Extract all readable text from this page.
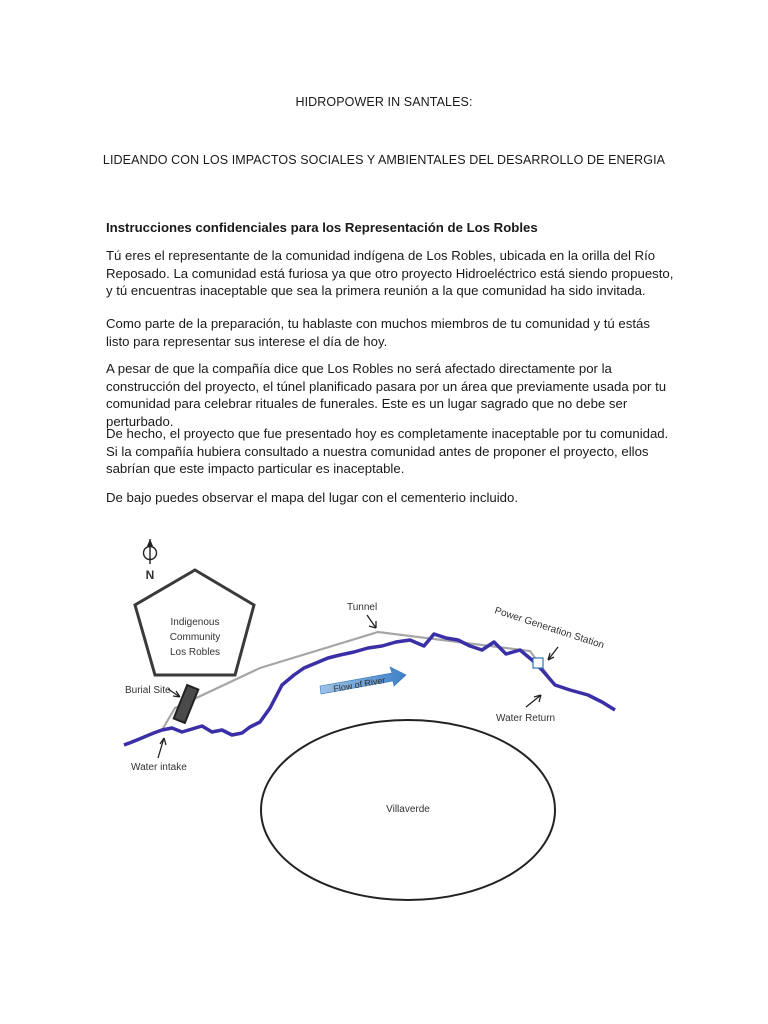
HIDROPOWER IN SANTALES:
LIDEANDO CON LOS IMPACTOS SOCIALES Y AMBIENTALES DEL DESARROLLO DE ENERGIA

Instrucciones confidenciales para los Representación de Los Robles

Tú eres el representante de la comunidad indígena de Los Robles, ubicada en la orilla del Río Reposado. La comunidad está furiosa ya que otro proyecto Hidroeléctrico está siendo propuesto, y tú encuentras inaceptable que sea la primera reunión a la que comunidad ha sido invitada.

Como parte de la preparación, tu hablaste con muchos miembros de tu comunidad y tú estás listo para representar sus interese el día de hoy.

A pesar de que la compañía dice que Los Robles no será afectado directamente por la construcción del proyecto, el túnel planificado pasara por un área que previamente usada por tu comunidad para celebrar rituales de funerales. Este es un lugar sagrado que no debe ser perturbado.

De hecho, el proyecto que fue presentado hoy es completamente inaceptable por tu comunidad. Si la compañía hubiera consultado a nuestra comunidad antes de proponer el proyecto, ellos sabrían que este impacto particular es inaceptable.

De bajo puedes observar el mapa del lugar con el cementerio incluido.

N
Indigenous
Community
Los Robles
Tunnel	Power Generation Station
Burial Site	Flow of River
Water Return
Water intake
Villaverde
